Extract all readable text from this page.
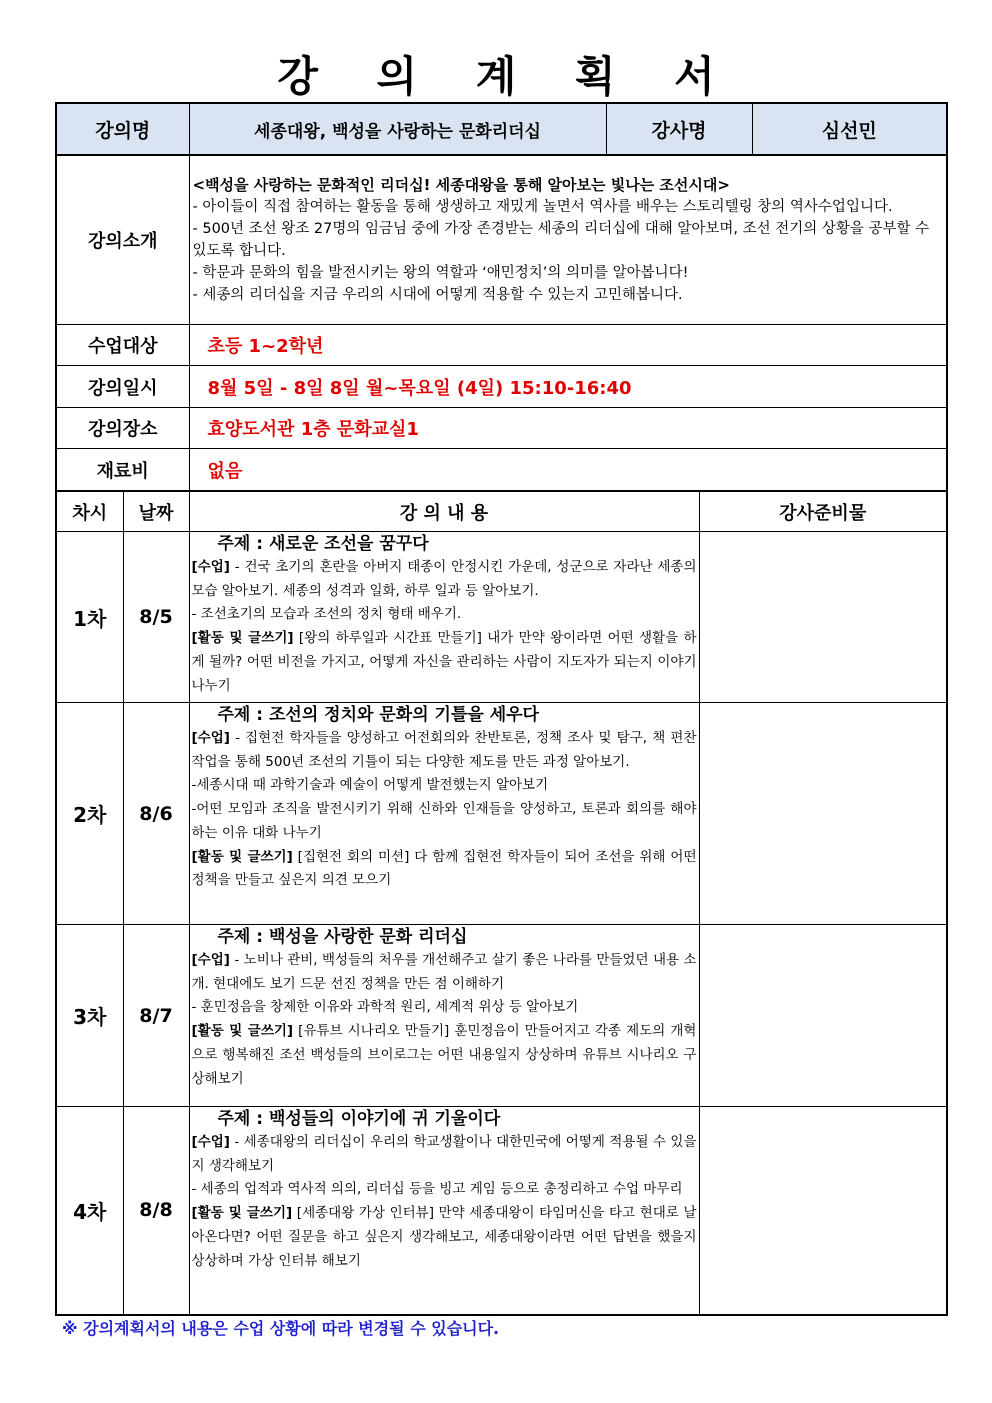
강 의 계 획 서
강의명	세종대왕, 백성을 사랑하는 문화리더십	강사명	심선민
강의소개	<백성을 사랑하는 문화적인 리더십! 세종대왕을 통해 알아보는 빛나는 조선시대>
- 아이들이 직접 참여하는 활동을 통해 생생하고 재밌게 놀면서 역사를 배우는 스토리텔링 창의 역사수업입니다.
- 500년 조선 왕조 27명의 임금님 중에 가장 존경받는 세종의 리더십에 대해 알아보며, 조선 전기의 상황을 공부할 수 있도록 합니다.
- 학문과 문화의 힘을 발전시키는 왕의 역할과 ‘애민정치’의 의미를 알아봅니다!
- 세종의 리더십을 지금 우리의 시대에 어떻게 적용할 수 있는지 고민해봅니다.

수업대상	초등 1~2학년
강의일시	8월 5일 - 8일 8일 월~목요일 (4일) 15:10-16:40
강의장소	효양도서관 1층 문화교실1
재료비	없음
차시	날짜	강 의 내 용	강사준비물
1차	8/5	주제 : 새로운 조선을 꿈꾸다
[수업] - 건국 초기의 혼란을 아버지 태종이 안정시킨 가운데, 성군으로 자라난 세종의 모습 알아보기. 세종의 성격과 일화, 하루 일과 등 알아보기.
- 조선초기의 모습과 조선의 정치 형태 배우기.
[활동 및 글쓰기] [왕의 하루일과 시간표 만들기] 내가 만약 왕이라면 어떤 생활을 하게 될까? 어떤 비전을 가지고, 어떻게 자신을 관리하는 사람이 지도자가 되는지 이야기 나누기	

2차	8/6	주제 : 조선의 정치와 문화의 기틀을 세우다
[수업] - 집현전 학자들을 양성하고 어전회의와 찬반토론, 정책 조사 및 탐구, 책 편찬 작업을 통해 500년 조선의 기틀이 되는 다양한 제도를 만든 과정 알아보기.
-세종시대 때 과학기술과 예술이 어떻게 발전했는지 알아보기
-어떤 모임과 조직을 발전시키기 위해 신하와 인재들을 양성하고, 토론과 회의를 해야 하는 이유 대화 나누기
[활동 및 글쓰기] [집현전 회의 미션] 다 함께 집현전 학자들이 되어 조선을 위해 어떤 정책을 만들고 싶은지 의견 모으기	

3차	8/7	주제 : 백성을 사랑한 문화 리더십
[수업] - 노비나 관비, 백성들의 처우를 개선해주고 살기 좋은 나라를 만들었던 내용 소개. 현대에도 보기 드문 선진 정책을 만든 점 이해하기
- 훈민정음을 창제한 이유와 과학적 원리, 세계적 위상 등 알아보기
[활동 및 글쓰기] [유튜브 시나리오 만들기] 훈민정음이 만들어지고 각종 제도의 개혁으로 행복해진 조선 백성들의 브이로그는 어떤 내용일지 상상하며 유튜브 시나리오 구상해보기	

4차	8/8	주제 : 백성들의 이야기에 귀 기울이다
[수업] - 세종대왕의 리더십이 우리의 학교생활이나 대한민국에 어떻게 적용될 수 있을지 생각해보기
- 세종의 업적과 역사적 의의, 리더십 등을 빙고 게임 등으로 총정리하고 수업 마무리
[활동 및 글쓰기] [세종대왕 가상 인터뷰] 만약 세종대왕이 타임머신을 타고 현대로 날아온다면? 어떤 질문을 하고 싶은지 생각해보고, 세종대왕이라면 어떤 답변을 했을지 상상하며 가상 인터뷰 해보기	

※ 강의계획서의 내용은 수업 상황에 따라 변경될 수 있습니다.
